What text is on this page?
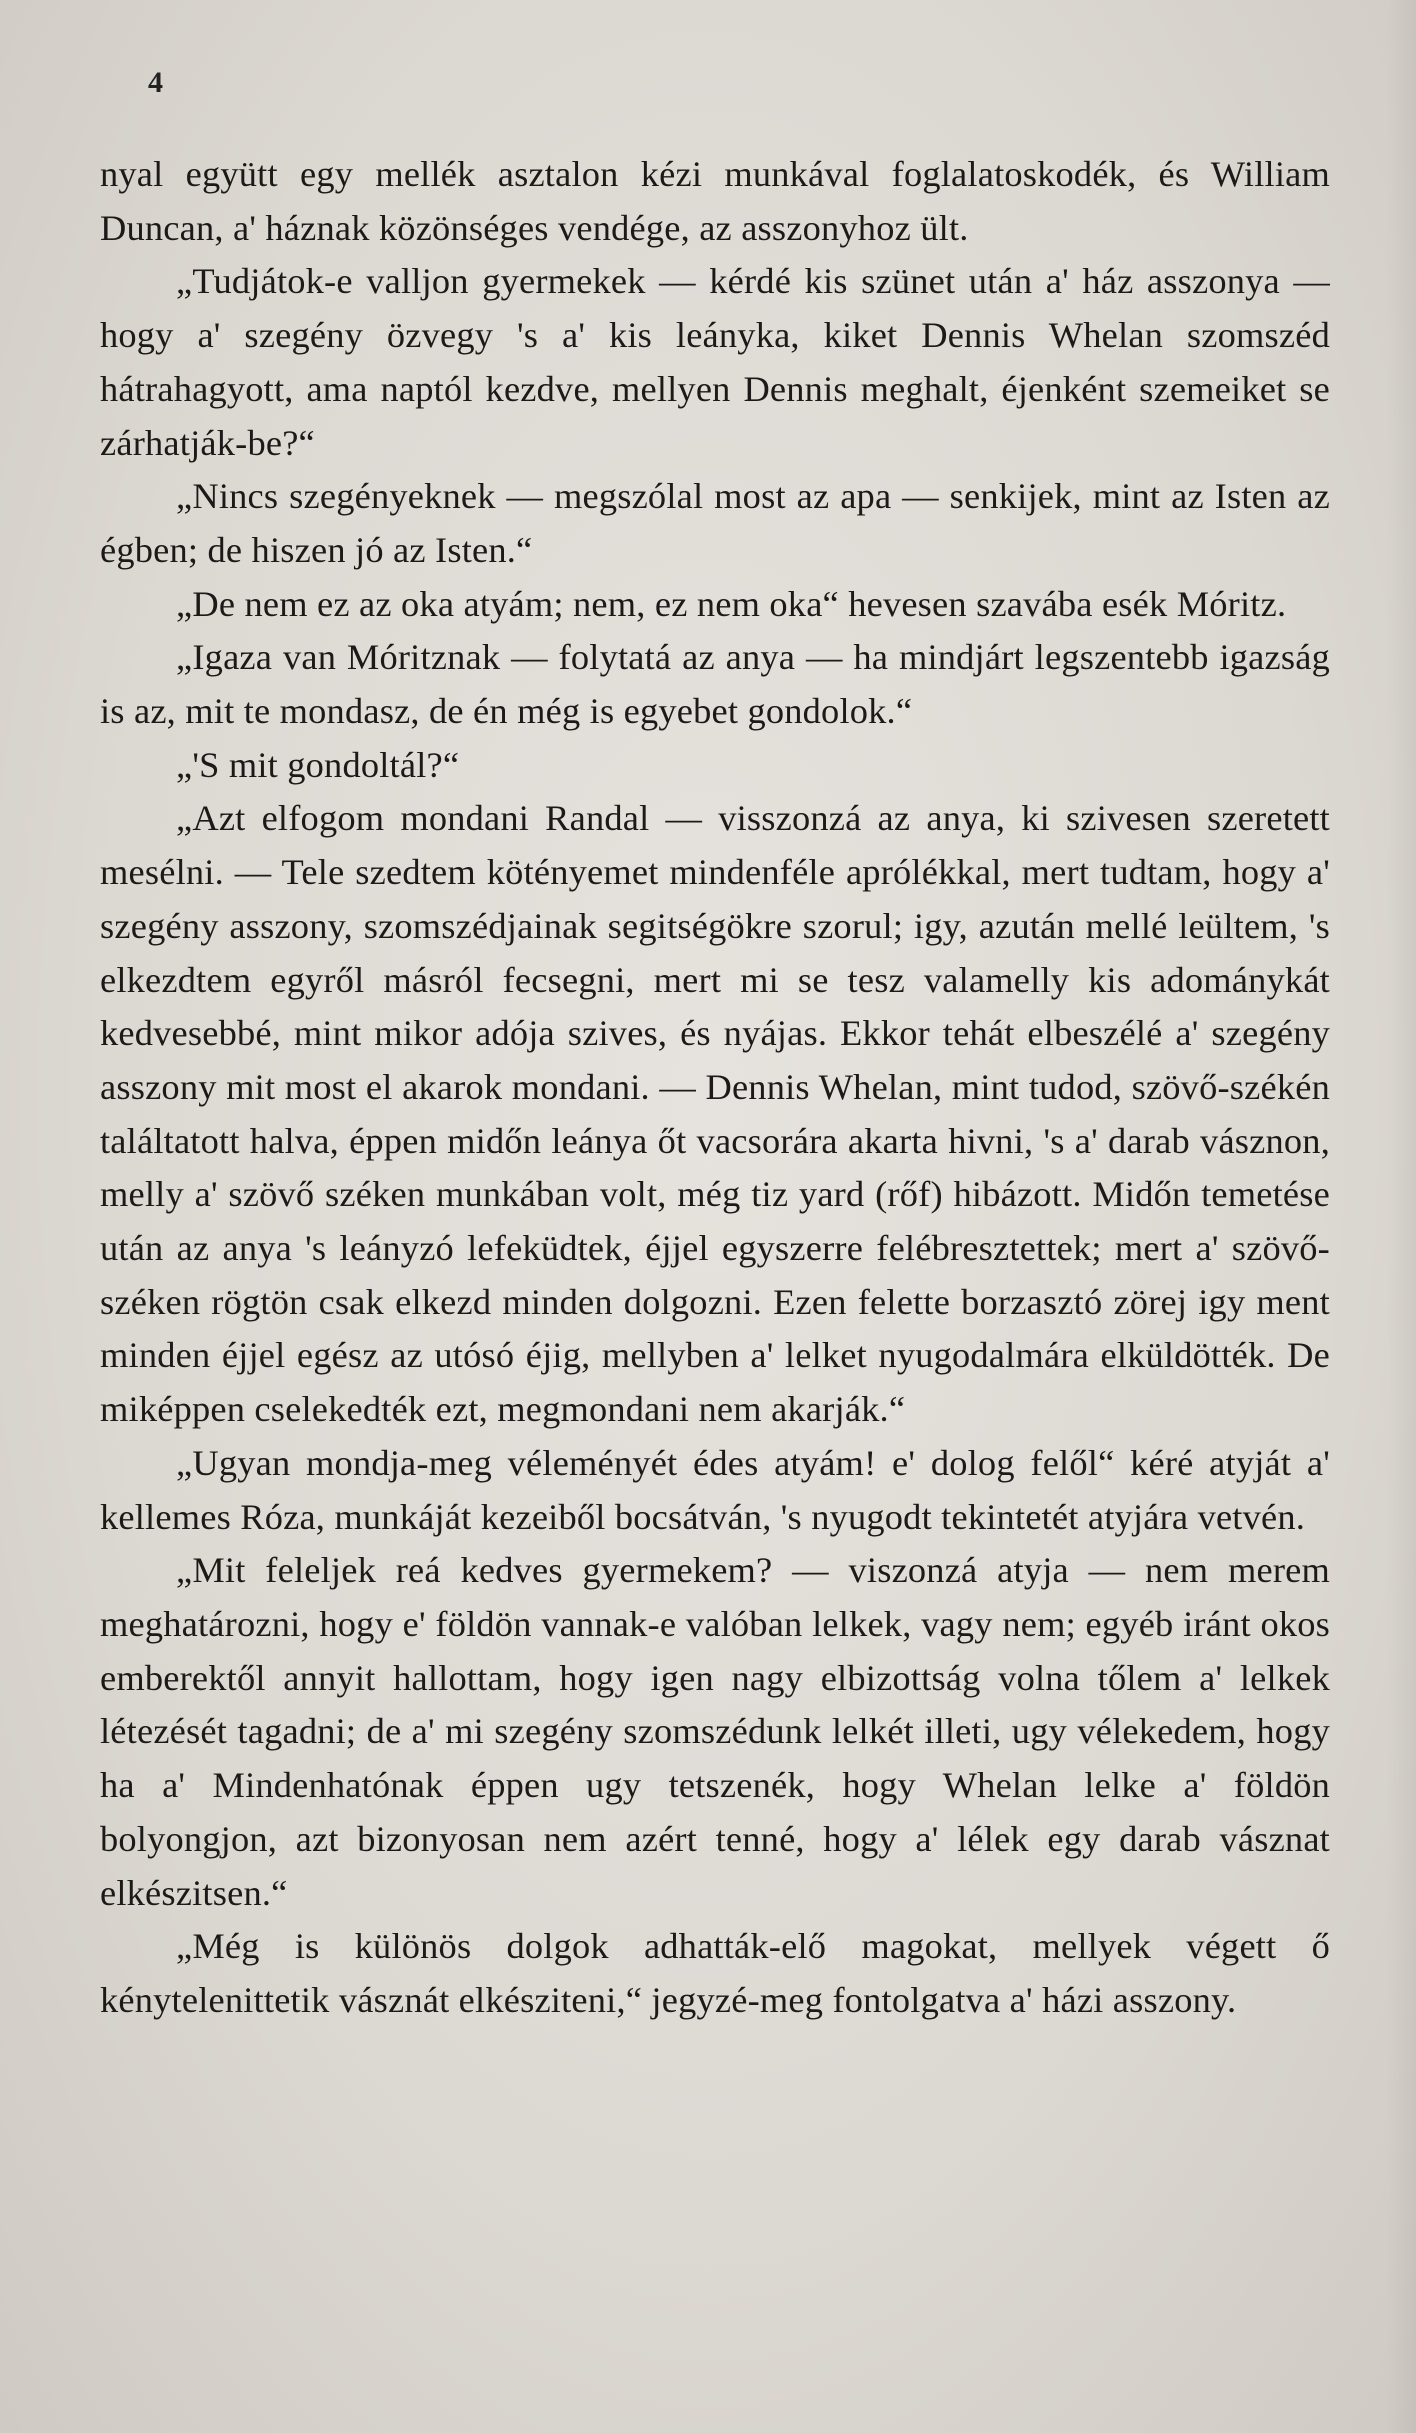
4

nyal együtt egy mellék asztalon kézi munkával foglalatoskodék, és William Duncan, a' háznak közönséges vendége, az asszonyhoz ült.

„Tudjátok-e valljon gyermekek — kérdé kis szünet után a' ház asszonya — hogy a' szegény özvegy 's a' kis leányka, kiket Dennis Whelan szomszéd hátrahagyott, ama naptól kezdve, mellyen Dennis meghalt, éjenként szemeiket se zárhatják-be?“

„Nincs szegényeknek — megszólal most az apa — senkijek, mint az Isten az égben; de hiszen jó az Isten.“

„De nem ez az oka atyám; nem, ez nem oka“ hevesen szavába esék Móritz.

„Igaza van Móritznak — folytatá az anya — ha mindjárt legszentebb igazság is az, mit te mondasz, de én még is egyebet gondolok.“

„'S mit gondoltál?“

„Azt elfogom mondani Randal — visszonzá az anya, ki szivesen szeretett mesélni. — Tele szedtem kötényemet mindenféle aprólékkal, mert tudtam, hogy a' szegény asszony, szomszédjainak segitségökre szorul; igy, azután mellé leültem, 's elkezdtem egyről másról fecsegni, mert mi se tesz valamelly kis adománykát kedvesebbé, mint mikor adója szives, és nyájas. Ekkor tehát elbeszélé a' szegény asszony mit most el akarok mondani. — Dennis Whelan, mint tudod, szövő-székén találtatott halva, éppen midőn leánya őt vacsorára akarta hivni, 's a' darab vásznon, melly a' szövő széken munkában volt, még tiz yard (rőf) hibázott. Midőn temetése után az anya 's leányzó lefeküdtek, éjjel egyszerre felébresztettek; mert a' szövő-széken rögtön csak elkezd minden dolgozni. Ezen felette borzasztó zörej igy ment minden éjjel egész az utósó éjig, mellyben a' lelket nyugodalmára elküldötték. De miképpen cselekedték ezt, megmondani nem akarják.“

„Ugyan mondja-meg véleményét édes atyám! e' dolog felől“ kéré atyját a' kellemes Róza, munkáját kezeiből bocsátván, 's nyugodt tekintetét atyjára vetvén.

„Mit feleljek reá kedves gyermekem? — viszonzá atyja — nem merem meghatározni, hogy e' földön vannak-e valóban lelkek, vagy nem; egyéb iránt okos emberektől annyit hallottam, hogy igen nagy elbizottság volna tőlem a' lelkek létezését tagadni; de a' mi szegény szomszédunk lelkét illeti, ugy vélekedem, hogy ha a' Mindenhatónak éppen ugy tetszenék, hogy Whelan lelke a' földön bolyongjon, azt bizonyosan nem azért tenné, hogy a' lélek egy darab vásznat elkészitsen.“

„Még is különös dolgok adhatták-elő magokat, mellyek végett ő kénytelenittetik vásznát elkésziteni,“ jegyzé-meg fontolgatva a' házi asszony.
